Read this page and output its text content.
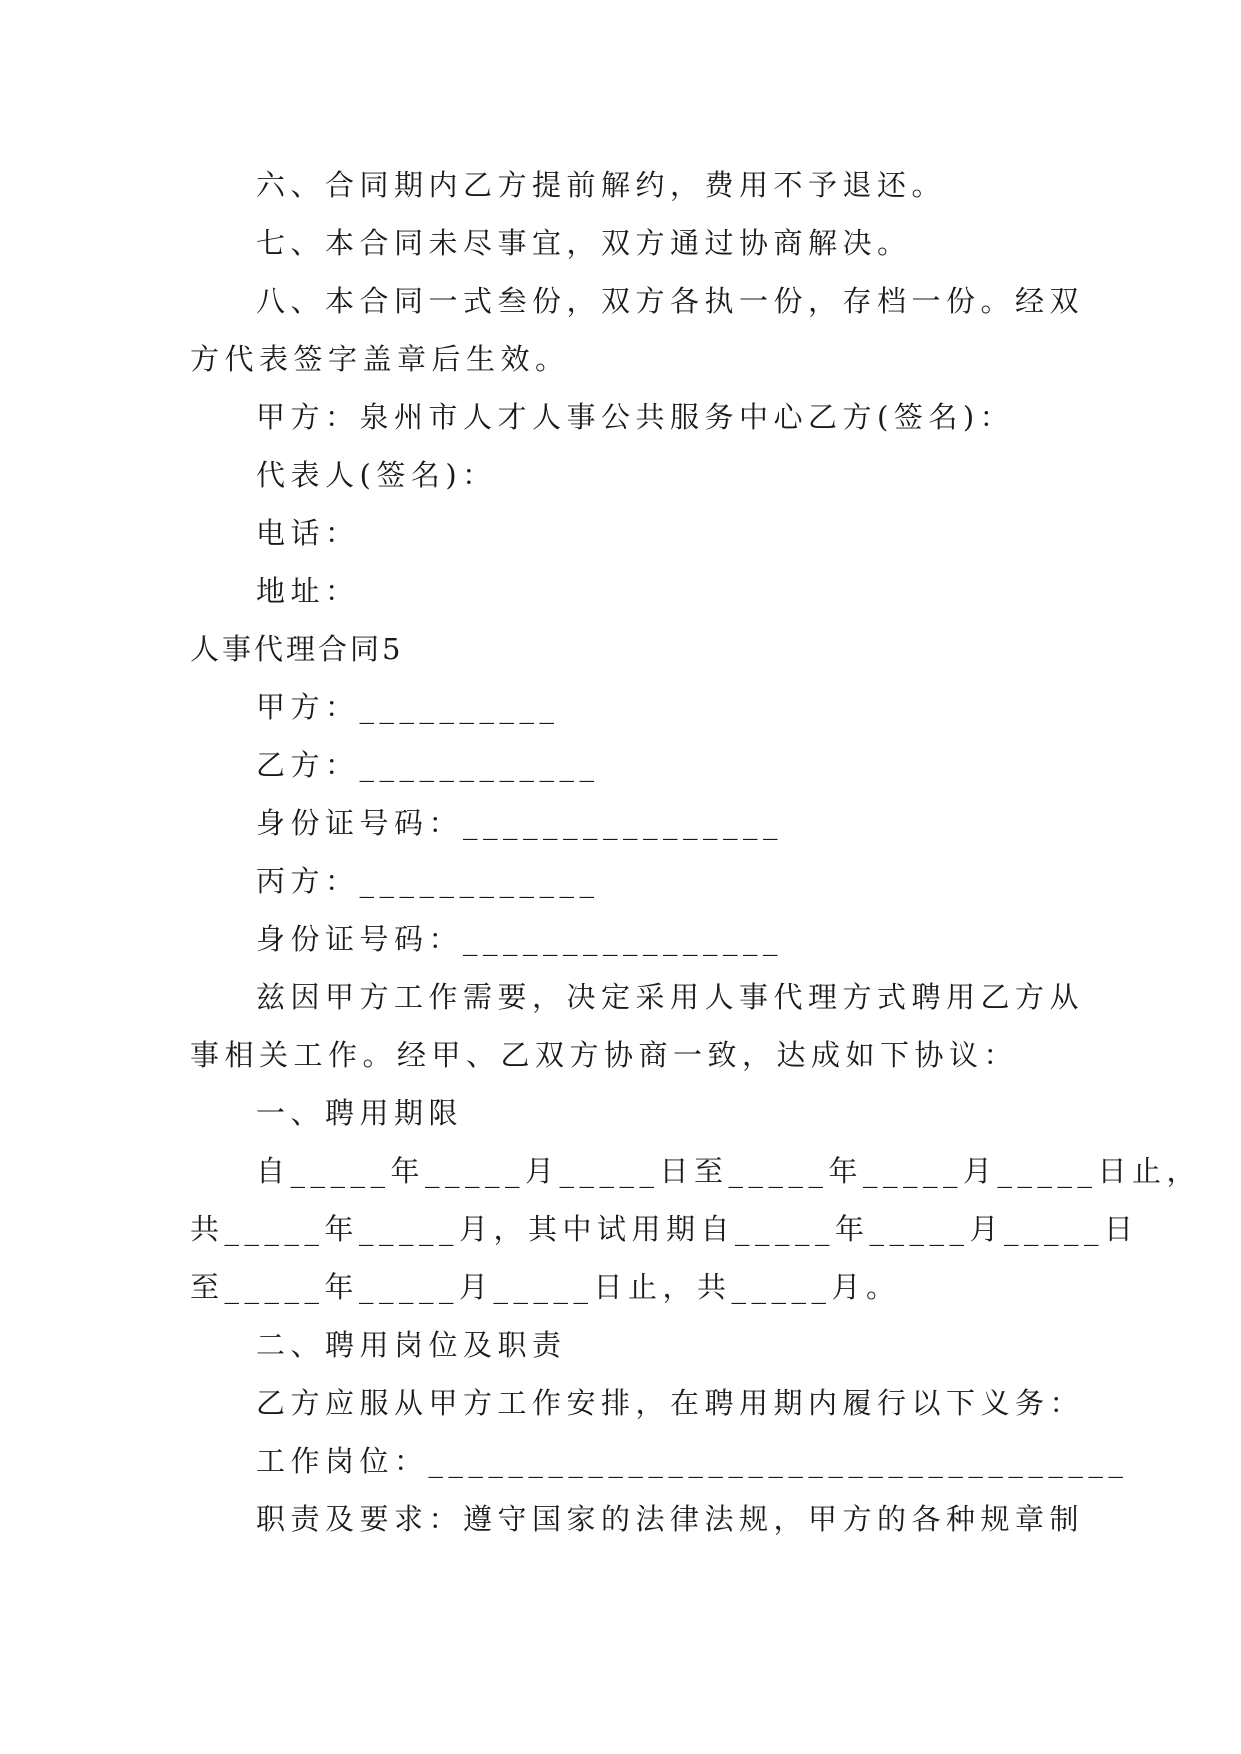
六、合同期内乙方提前解约，费用不予退还。
七、本合同未尽事宜，双方通过协商解决。
八、本合同一式叁份，双方各执一份，存档一份。经双
方代表签字盖章后生效。
甲方：泉州市人才人事公共服务中心乙方(签名)：
代表人(签名)：
电话：
地址：
人事代理合同5
甲方：__________
乙方：____________
身份证号码：________________
丙方：____________
身份证号码：________________
兹因甲方工作需要，决定采用人事代理方式聘用乙方从
事相关工作。经甲、乙双方协商一致，达成如下协议：
一、聘用期限
自_____年_____月_____日至_____年_____月_____日止，
共_____年_____月，其中试用期自_____年_____月_____日
至_____年_____月_____日止，共_____月。
二、聘用岗位及职责
乙方应服从甲方工作安排，在聘用期内履行以下义务：
工作岗位：___________________________________
职责及要求：遵守国家的法律法规，甲方的各种规章制
